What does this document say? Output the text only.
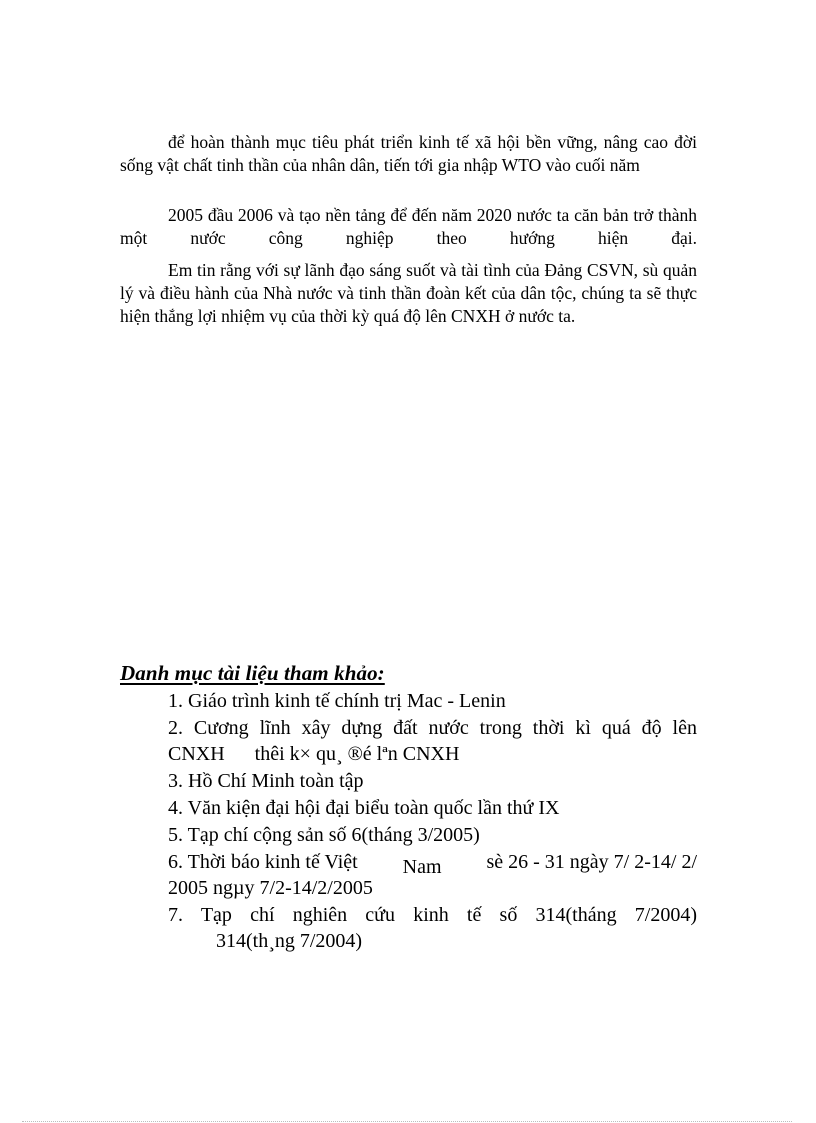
để hoàn thành mục tiêu phát triển kinh tế xã hội bền vững, nâng cao đời sống vật chất tinh thần của nhân dân, tiến tới gia nhập WTO vào cuối năm

2005 đầu 2006 và tạo nền tảng để đến năm 2020 nước ta căn bản trở thành một nước công nghiệp theo hướng hiện đại.

Em tin rằng với sự lãnh đạo sáng suốt và tài tình của Đảng CSVN, sù quản lý và điều hành của Nhà nước và tinh thần đoàn kết của dân tộc, chúng ta sẽ thực hiện thắng lợi nhiệm vụ của thời kỳ quá độ lên CNXH ở nước ta.

Danh mục tài liệu tham khảo:
1. Giáo trình kinh tế chính trị Mac - Lenin
2. Cương lĩnh xây dựng đất nước trong thời kì quá độ lên
CNXH thêi k× qu¸ ®é lªn CNXH
3. Hồ Chí Minh toàn tập
4. Văn kiện đại hội đại biểu toàn quốc lần thứ IX
5. Tạp chí cộng sản số 6(tháng 3/2005)
6. Thời báo kinh tế Việt Nam sè 26 - 31 ngày 7/ 2-14/ 2/
2005 ngµy 7/2-14/2/2005
7. Tạp chí nghiên cứu kinh tế số 314(tháng 7/2004)
314(th¸ng 7/2004)
